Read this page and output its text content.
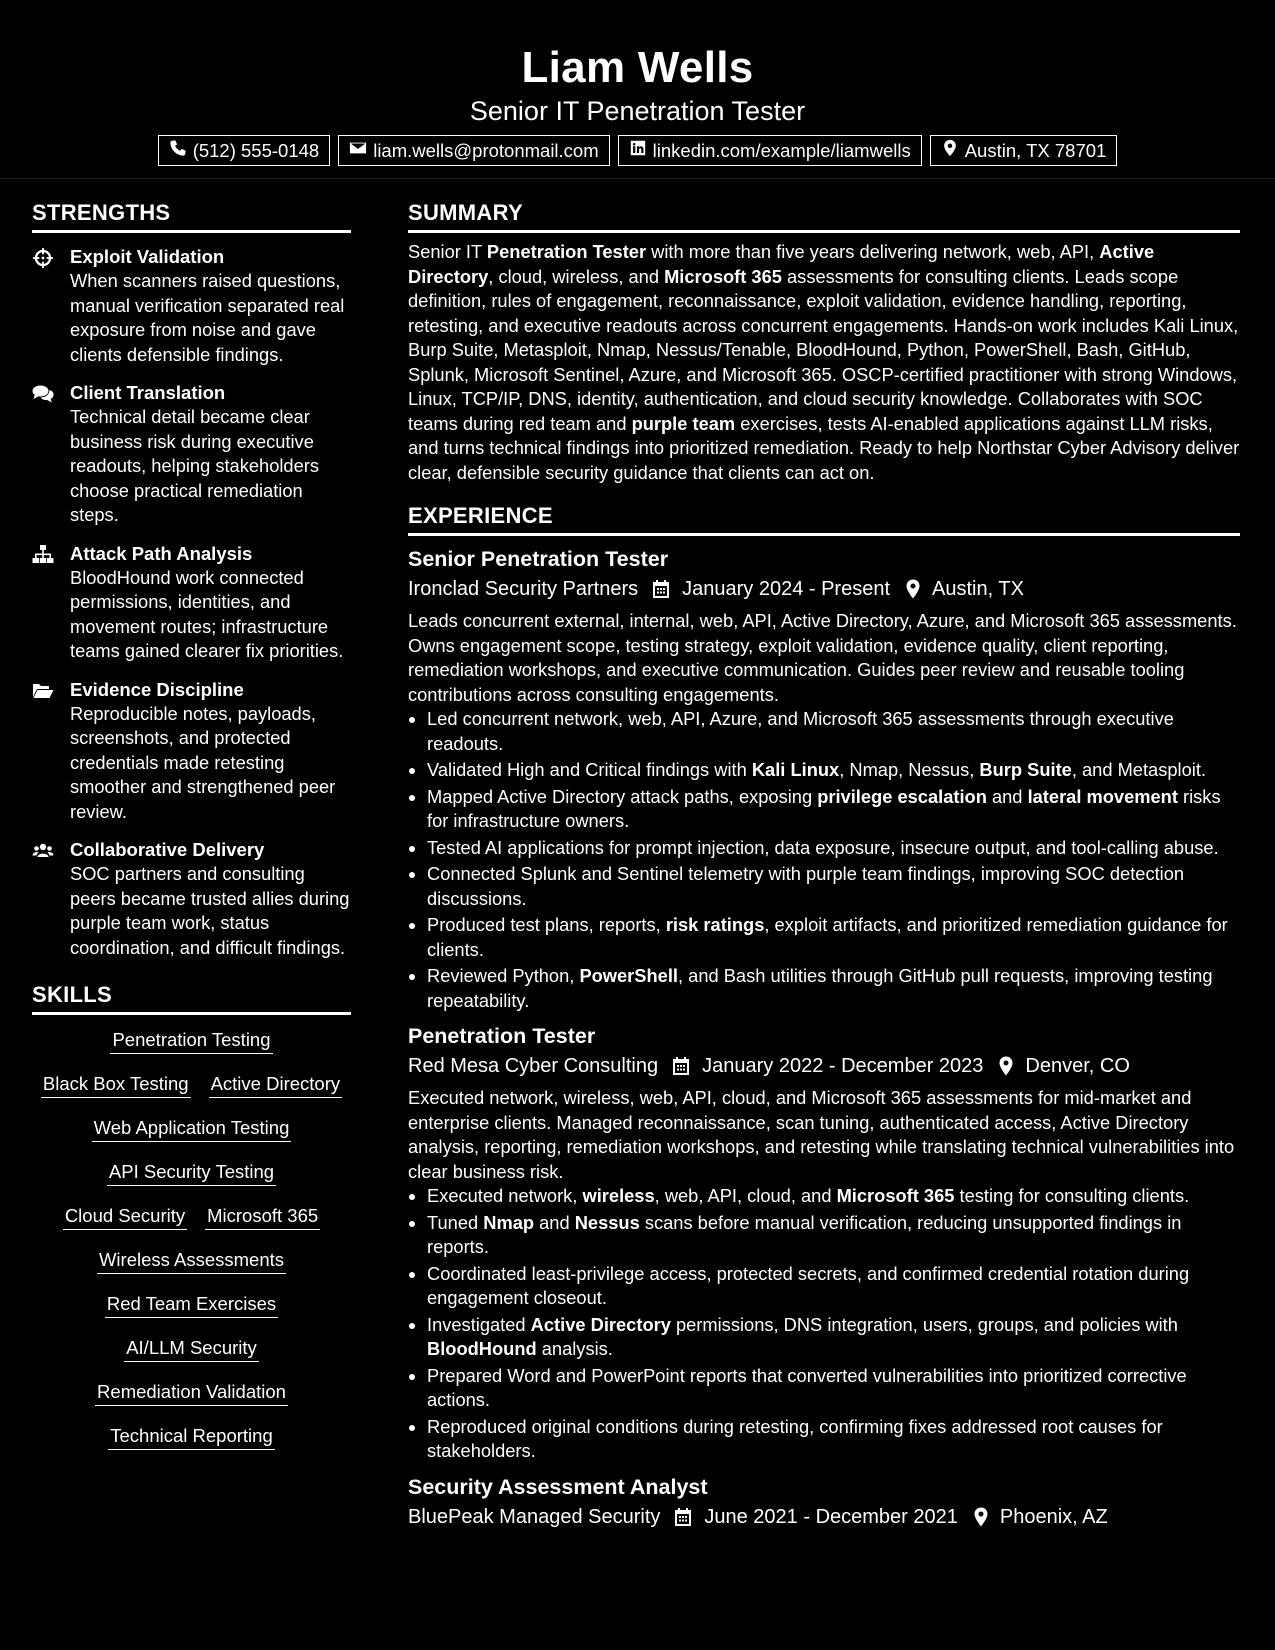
Liam Wells
Senior IT Penetration Tester
(512) 555-0148	liam.wells@protonmail.com	linkedin.com/example/liamwells	Austin, TX 78701
STRENGTHS
Exploit Validation
When scanners raised questions, manual verification separated real exposure from noise and gave clients defensible findings.
Client Translation
Technical detail became clear business risk during executive readouts, helping stakeholders choose practical remediation steps.
Attack Path Analysis
BloodHound work connected permissions, identities, and movement routes; infrastructure teams gained clearer fix priorities.
Evidence Discipline
Reproducible notes, payloads, screenshots, and protected credentials made retesting smoother and strengthened peer review.
Collaborative Delivery
SOC partners and consulting peers became trusted allies during purple team work, status coordination, and difficult findings.
SKILLS
Penetration Testing
Black Box Testing Active Directory
Web Application Testing
API Security Testing
Cloud Security Microsoft 365
Wireless Assessments
Red Team Exercises
AI/LLM Security
Remediation Validation
Technical Reporting
SUMMARY
Senior IT Penetration Tester with more than five years delivering network, web, API, Active Directory, cloud, wireless, and Microsoft 365 assessments for consulting clients. Leads scope definition, rules of engagement, reconnaissance, exploit validation, evidence handling, reporting, retesting, and executive readouts across concurrent engagements. Hands-on work includes Kali Linux, Burp Suite, Metasploit, Nmap, Nessus/Tenable, BloodHound, Python, PowerShell, Bash, GitHub, Splunk, Microsoft Sentinel, Azure, and Microsoft 365. OSCP-certified practitioner with strong Windows, Linux, TCP/IP, DNS, identity, authentication, and cloud security knowledge. Collaborates with SOC teams during red team and purple team exercises, tests AI-enabled applications against LLM risks, and turns technical findings into prioritized remediation. Ready to help Northstar Cyber Advisory deliver clear, defensible security guidance that clients can act on.
EXPERIENCE
Senior Penetration Tester
Ironclad Security Partners January 2024 - Present Austin, TX
Leads concurrent external, internal, web, API, Active Directory, Azure, and Microsoft 365 assessments. Owns engagement scope, testing strategy, exploit validation, evidence quality, client reporting, remediation workshops, and executive communication. Guides peer review and reusable tooling contributions across consulting engagements.
• Led concurrent network, web, API, Azure, and Microsoft 365 assessments through executive readouts.
• Validated High and Critical findings with Kali Linux, Nmap, Nessus, Burp Suite, and Metasploit.
• Mapped Active Directory attack paths, exposing privilege escalation and lateral movement risks for infrastructure owners.
• Tested AI applications for prompt injection, data exposure, insecure output, and tool-calling abuse.
• Connected Splunk and Sentinel telemetry with purple team findings, improving SOC detection discussions.
• Produced test plans, reports, risk ratings, exploit artifacts, and prioritized remediation guidance for clients.
• Reviewed Python, PowerShell, and Bash utilities through GitHub pull requests, improving testing repeatability.
Penetration Tester
Red Mesa Cyber Consulting January 2022 - December 2023 Denver, CO
Executed network, wireless, web, API, cloud, and Microsoft 365 assessments for mid-market and enterprise clients. Managed reconnaissance, scan tuning, authenticated access, Active Directory analysis, reporting, remediation workshops, and retesting while translating technical vulnerabilities into clear business risk.
• Executed network, wireless, web, API, cloud, and Microsoft 365 testing for consulting clients.
• Tuned Nmap and Nessus scans before manual verification, reducing unsupported findings in reports.
• Coordinated least-privilege access, protected secrets, and confirmed credential rotation during engagement closeout.
• Investigated Active Directory permissions, DNS integration, users, groups, and policies with BloodHound analysis.
• Prepared Word and PowerPoint reports that converted vulnerabilities into prioritized corrective actions.
• Reproduced original conditions during retesting, confirming fixes addressed root causes for stakeholders.
Security Assessment Analyst
BluePeak Managed Security June 2021 - December 2021 Phoenix, AZ
